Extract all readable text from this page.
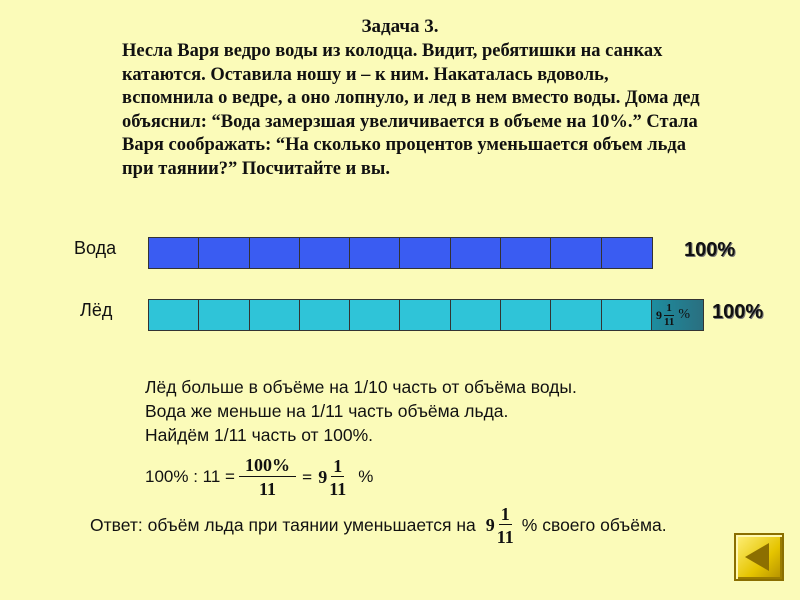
Задача 3.
Несла Варя ведро воды из колодца. Видит, ребятишки на санках
катаются. Оставила ношу и – к ним. Накаталась вдоволь,
вспомнила о ведре, а оно лопнуло, и лед в нем вместо воды. Дома дед
объяснил: “Вода замерзшая увеличивается в объеме на 10%.” Стала
Варя соображать: “На сколько процентов уменьшается объем льда
при таянии?” Посчитайте и вы.
Вода	100%
Лёд	$9 \frac{1}{11}$ % 100%
Лёд больше в объёме на 1/10 часть от объёма воды.
Вода же меньше на 1/11 часть объёма льда.
Найдём 1/11 часть от 100%.
100% : $11 = \frac{100\%}{11} = 9 \frac{1}{11}$ %
Ответ: объём льда при таянии уменьшается на $9 \frac{1}{11}$ % своего объёма.
